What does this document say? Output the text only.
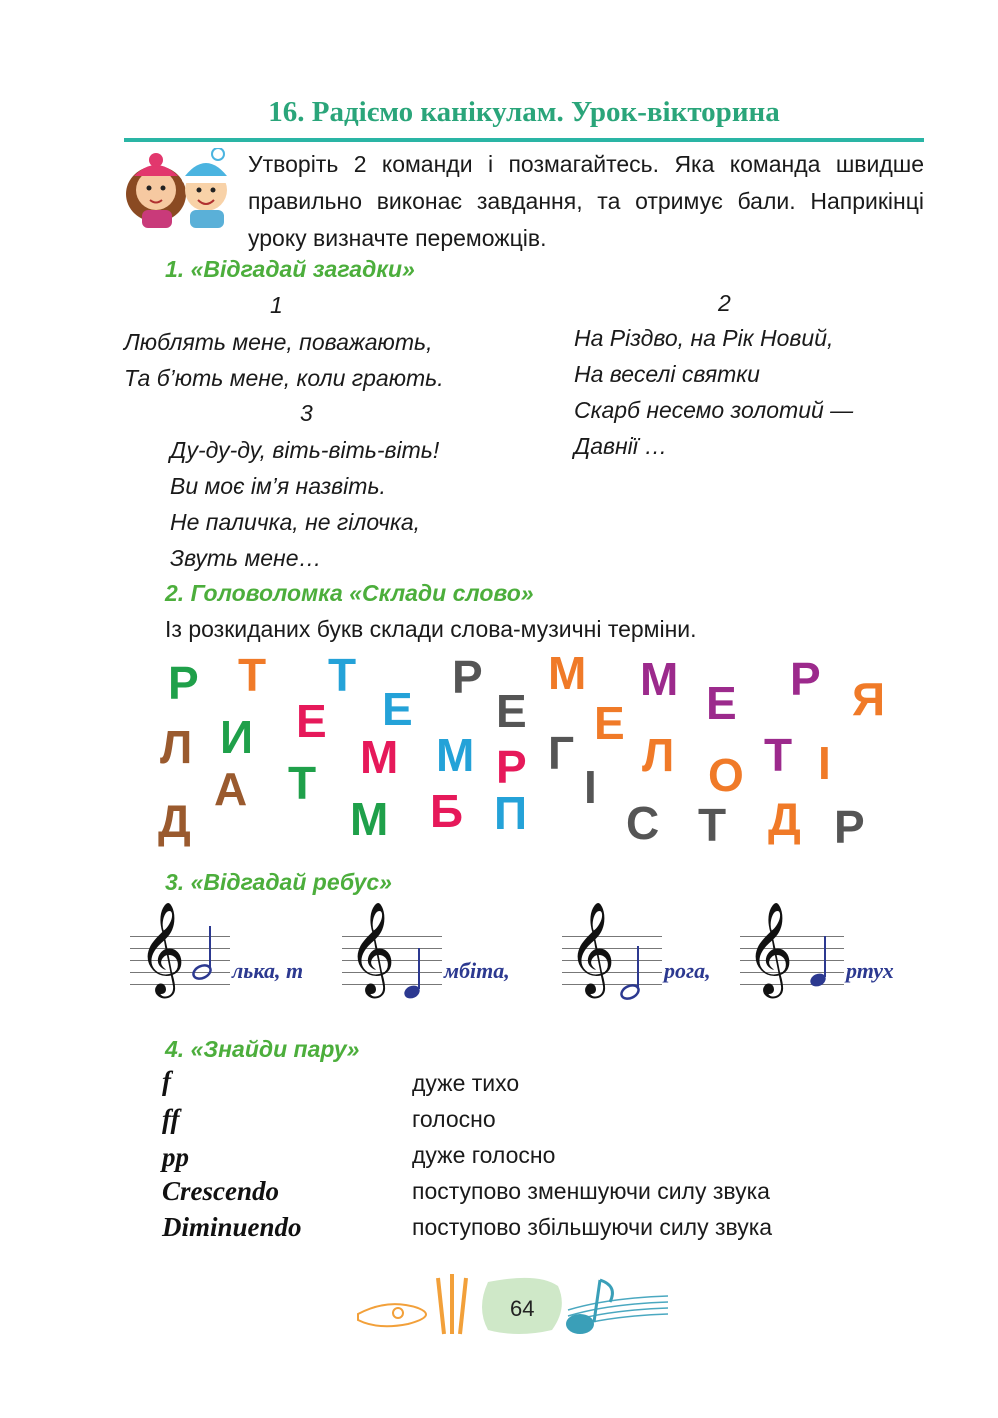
16. Радіємо канікулам. Урок-вікторина
Утворіть 2 команди і позмагайтесь. Яка команда швидше правильно виконає завдання, та отримує бали. Наприкінці уроку визначте переможців.
1. «Відгадай загадки»
1
Люблять мене, поважають,
Та б’ють мене, коли грають.
2
На Різдво, на Рік Новий,
На веселі святки
Скарб несемо золотий —
Давнії …
3
Ду-ду-ду, віть-віть-віть!
Ви моє ім’я назвіть.
Не паличка, не гілочка,
Звуть мене…
2. Головоломка «Склади слово»
Із розкиданих букв склади слова-музичні терміни.
Р Т Т Р М М Р Я
Е Е Е Е Е
Л И М М Р Г Л Т
О І
А Т
Д	М Б П І
С Т Д Р
3. «Відгадай ребус»
𝄞 лька, т 𝄞 мбіта, 𝄞 рога, 𝄞 ртух
4. «Знайди пару»
f
ff
pp
Crescendo
Diminuendo
дуже тихо
голосно
дуже голосно
поступово зменшуючи силу звука
поступово збільшуючи силу звука
64
